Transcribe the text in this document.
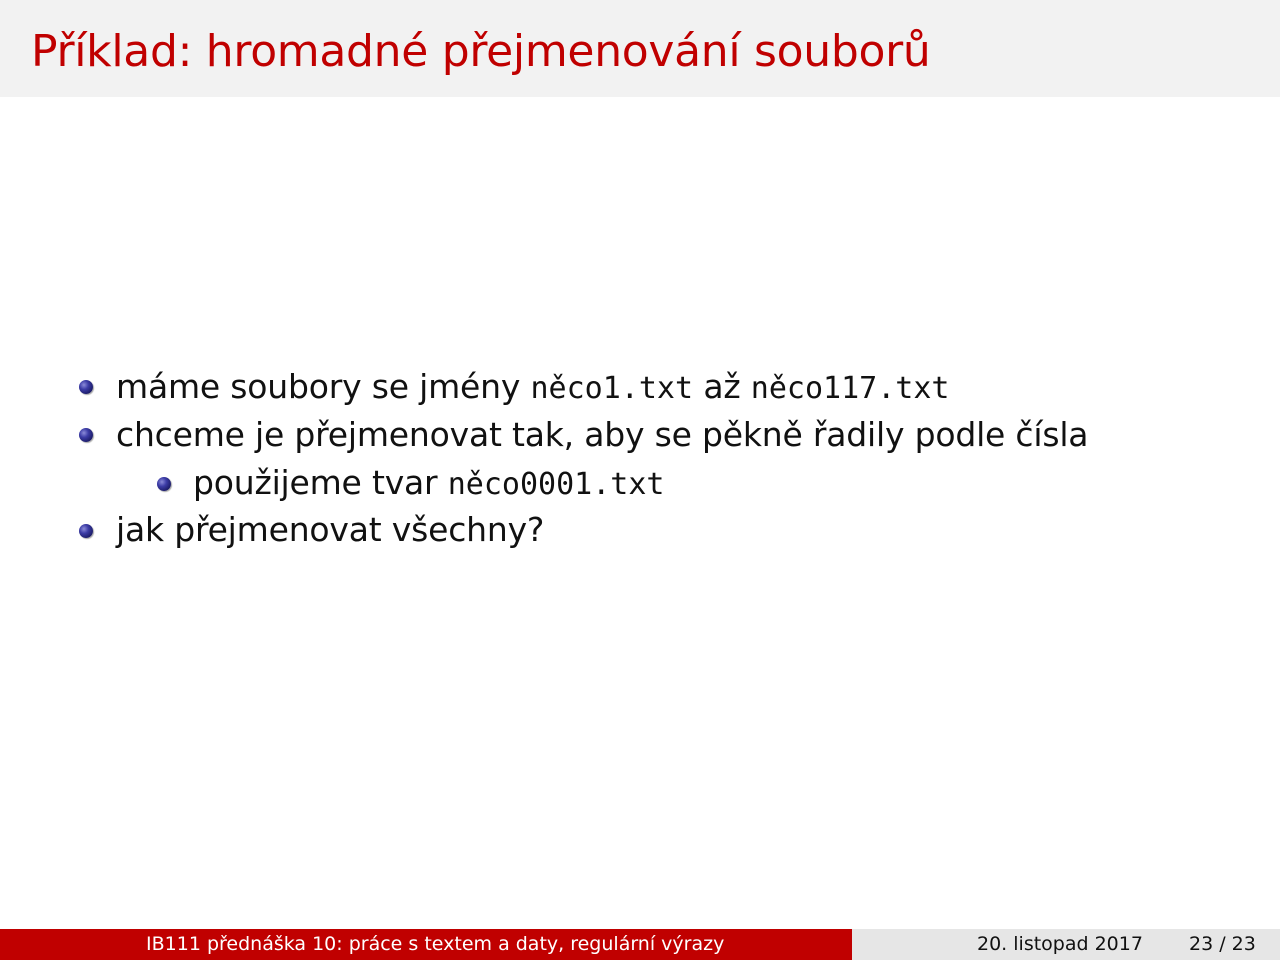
Příklad: hromadné přejmenování souborů
máme soubory se jmény něco1.txt až něco117.txt
chceme je přejmenovat tak, aby se pěkně řadily podle čísla
použijeme tvar něco0001.txt
jak přejmenovat všechny?
IB111 přednáška 10: práce s textem a daty, regulární výrazy	20. listopad 2017 23 / 23
